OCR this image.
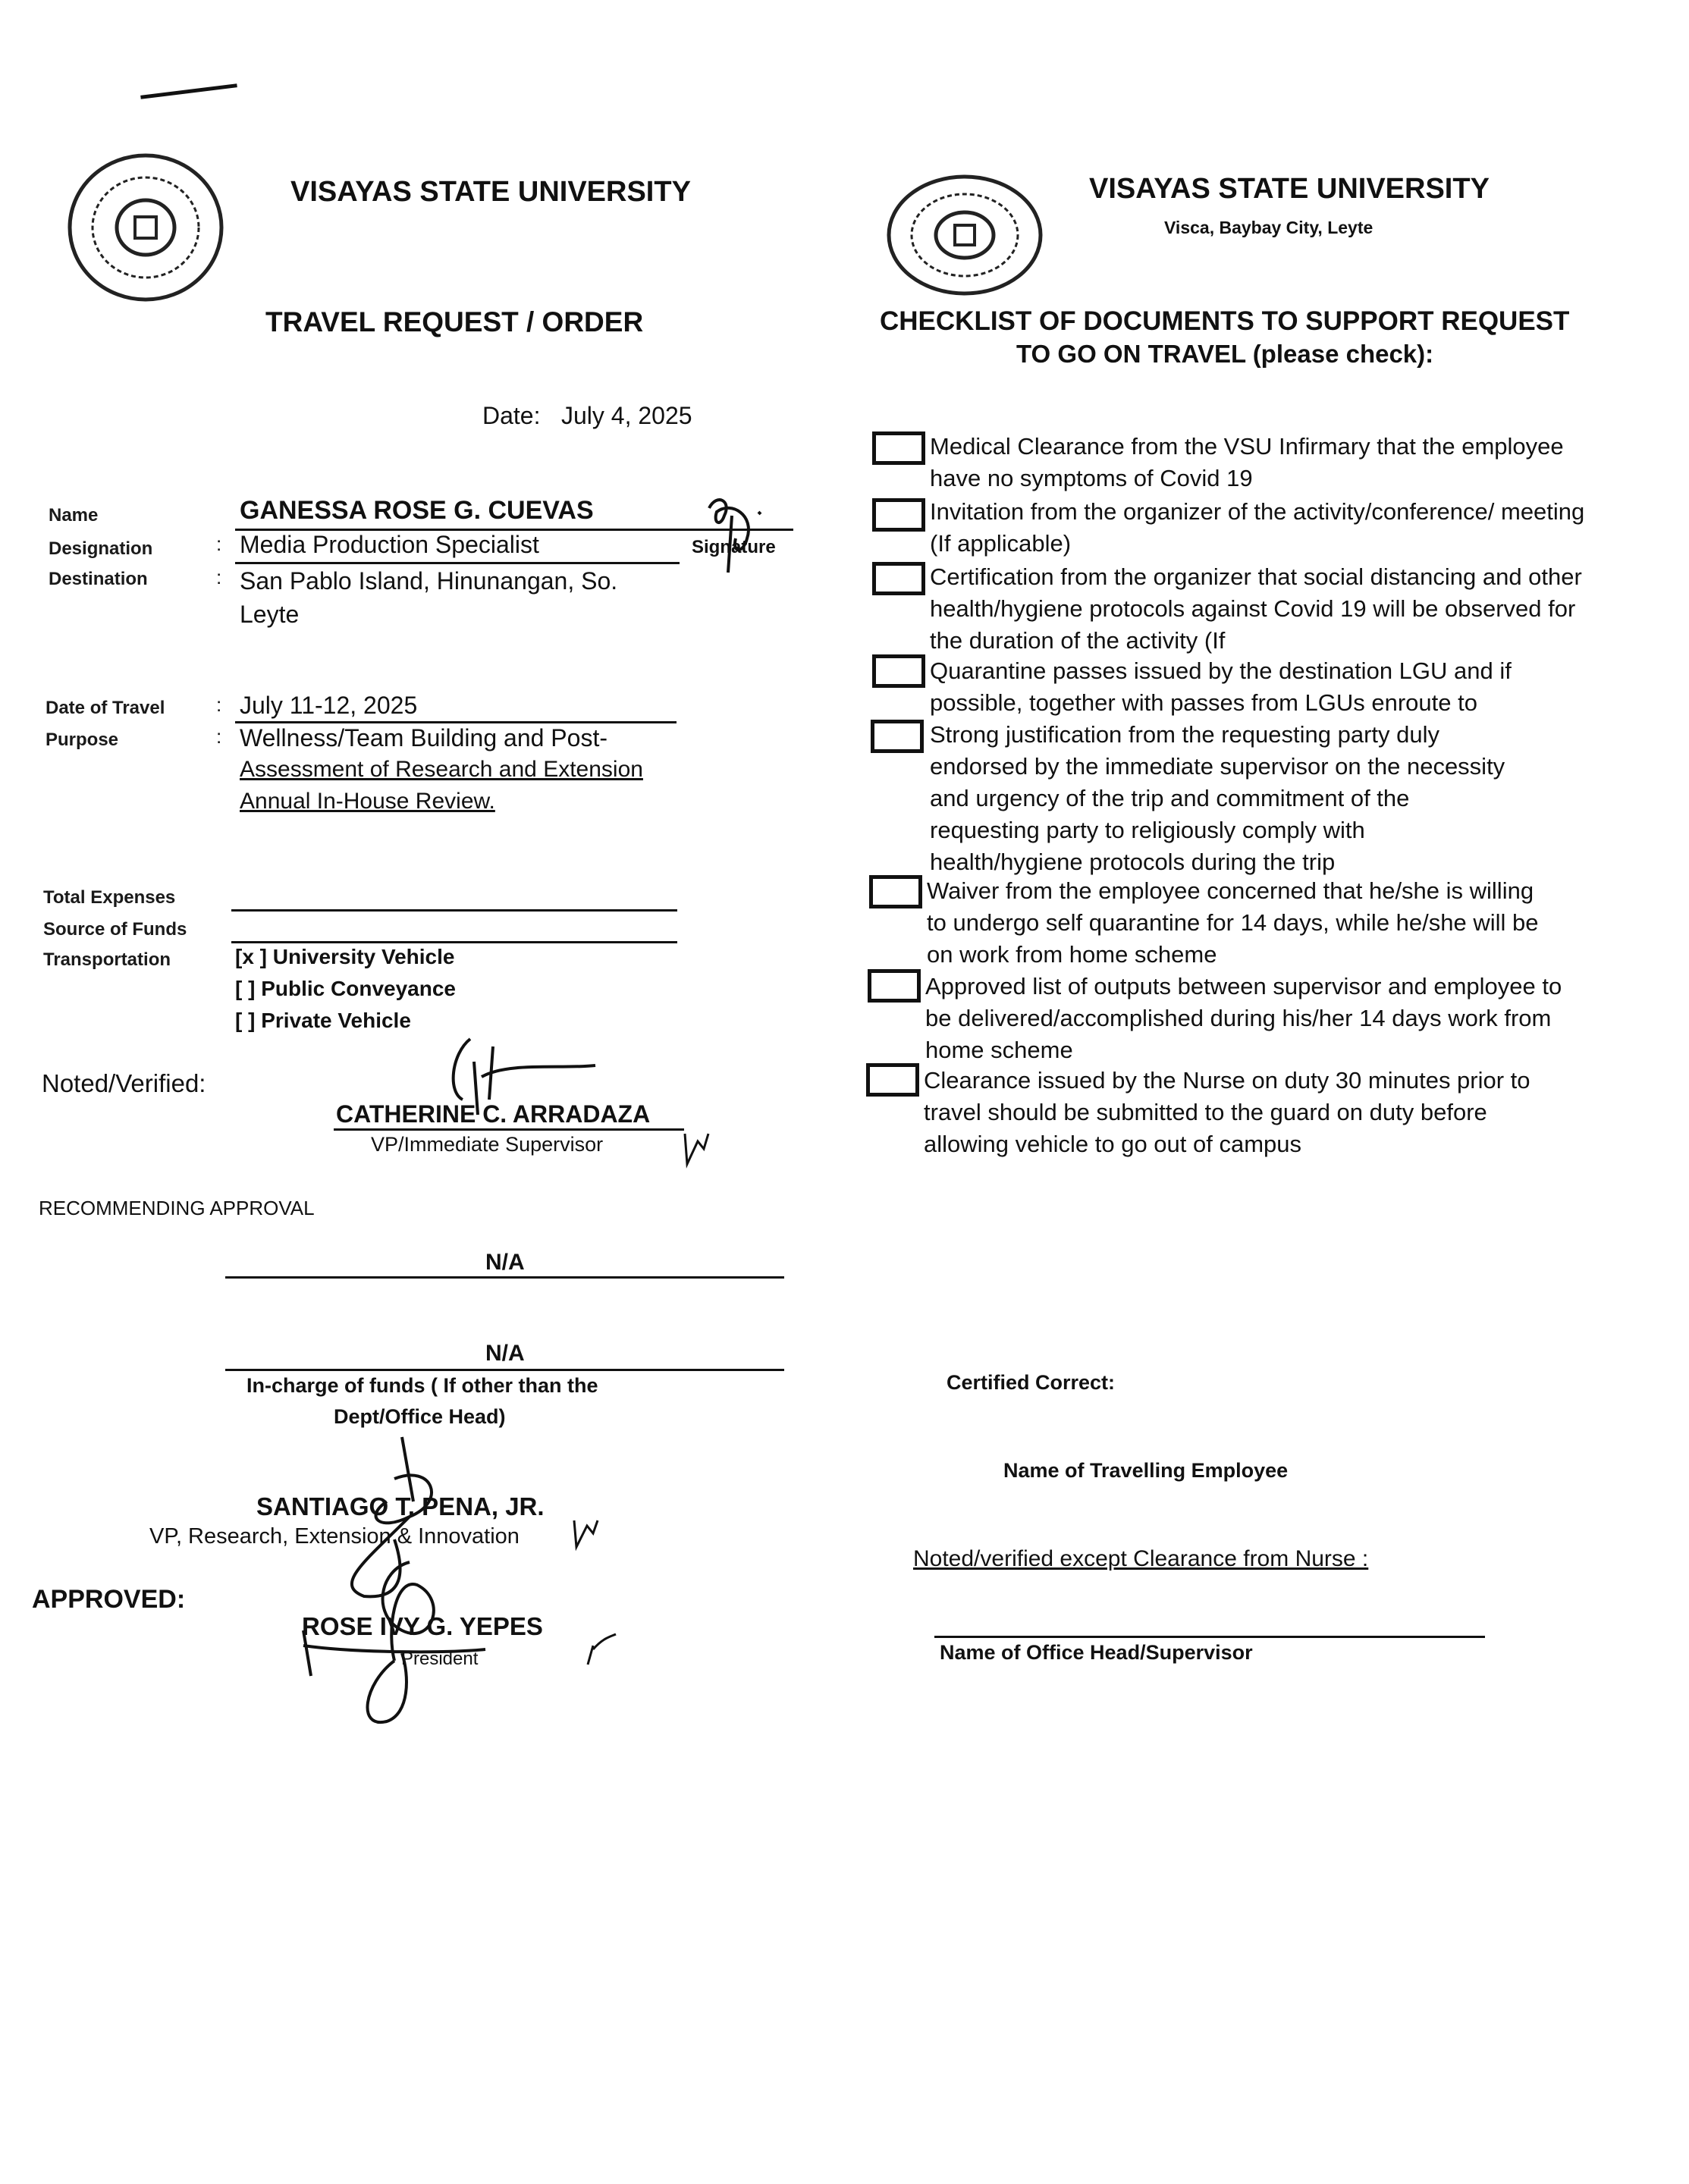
VISAYAS STATE UNIVERSITY
TRAVEL REQUEST / ORDER
Date: July 4, 2025
Name	GANESSA ROSE G. CUEVAS
Signature
Designation	: Media Production Specialist
Destination	: San Pablo Island, Hinunangan, So.
Leyte
Date of Travel	: July 11-12, 2025
Purpose	: Wellness/Team Building and Post-
Assessment of Research and Extension
Annual In-House Review.
Total Expenses
Source of Funds
Transportation	[x ] University Vehicle
[ ] Public Conveyance
[ ] Private Vehicle
Noted/Verified:
CATHERINE C. ARRADAZA
VP/Immediate Supervisor
RECOMMENDING APPROVAL
N/A
N/A
In-charge of funds ( If other than the
Dept/Office Head)
SANTIAGO T. PENA, JR.
VP, Research, Extension & Innovation
APPROVED:
ROSE IVY G. YEPES
President
VISAYAS STATE UNIVERSITY
Visca, Baybay City, Leyte
CHECKLIST OF DOCUMENTS TO SUPPORT REQUEST
TO GO ON TRAVEL (please check):
Medical Clearance from the VSU Infirmary that the employee have no symptoms of Covid 19
Invitation from the organizer of the activity/conference/ meeting (If applicable)
Certification from the organizer that social distancing and other health/hygiene protocols against Covid 19 will be observed for the duration of the activity (If
Quarantine passes issued by the destination LGU and if possible, together with passes from LGUs enroute to
Strong justification from the requesting party duly endorsed by the immediate supervisor on the necessity and urgency of the trip and commitment of the requesting party to religiously comply with health/hygiene protocols during the trip
Waiver from the employee concerned that he/she is willing to undergo self quarantine for 14 days, while he/she will be on work from home scheme
Approved list of outputs between supervisor and employee to be delivered/accomplished during his/her 14 days work from home scheme
Clearance issued by the Nurse on duty 30 minutes prior to travel should be submitted to the guard on duty before allowing vehicle to go out of campus
Certified Correct:
Name of Travelling Employee
Noted/verified except Clearance from Nurse :
Name of Office Head/Supervisor
